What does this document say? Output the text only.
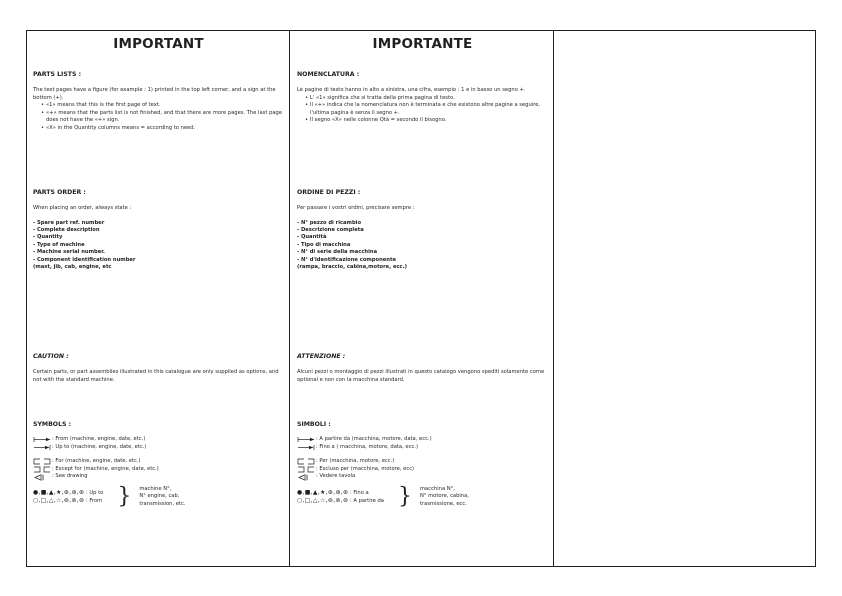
IMPORTANT
PARTS LISTS :
The text pages have a figure (for example : 1) printed in the top left corner, and a sign at the bottom (+).
• «1» means that this is the first page of text.
• «+» means that the parts list is not finished, and that there are more pages. The last page does not have the «+» sign.
• «X» in the Quantity columns means = according to need.
PARTS ORDER :
When placing an order, always state :
- Spare part ref. number
- Complete description
- Quantity
- Type of machine
- Machine serial number.
- Component identification number
(mast, jib, cab, engine, etc
CAUTION :
Certain parts, or part assemblies illustrated in this catalogue are only supplied as options, and not with the standard machine.
SYMBOLS :
: From (machine, engine, date, etc.)
: Up to (machine, engine, date, etc.)
: For (machine, engine, date, etc.)
: Except for (machine, engine, date, etc.)
: See drawing
●,■,▲,★,⊛,⊛,⊛ : Up to
○,□,△,☆,⊚,⊚,⊚ : From } machine N°,
N° engine, cab,
transmission, etc.
IMPORTANTE
NOMENCLATURA :
Le pagine di testo hanno in alto a sinistra, una cifra, esempio : 1 e in basso un segno +.
• L' «1» significa che si tratta della prima pagina di testo.
• Il «+» indica che la nomenclatura non è terminata e che esistono altre pagine a seguire, l'ultima pagina è senza il segno +.
• Il segno «X» nelle colonne Qtà = secondo il bisogno.
ORDINE DI PEZZI :
Per passare i vostri ordini, precisare sempre :
- N° pezzo di ricambio
- Descrizione completa
- Quantità
- Tipo di macchina
- N° di serie della macchina
- N° d'identificazione componente
(rampa, braccio, cabina,motore, ecc.)
ATTENZIONE :
Alcuni pezzi o montaggio di pezzi illustrati in questo catalogo vengono spediti solamente come optional e non con la macchina standard.
SIMBOLI :
: A partire da (macchina, motore, data, ecc.)
: Fino a ( macchina, motore, data, ecc.)
: Per (macchina, motore, ecc.)
: Escluso per (macchina, motore, ecc)
: Vedere tavola
●,■,▲,★,⊛,⊛,⊛ : Fino a
○,□,△,☆,⊚,⊚,⊚ : A partire da } macchina N°,
N° motore, cabina,
trasmissione, ecc.
